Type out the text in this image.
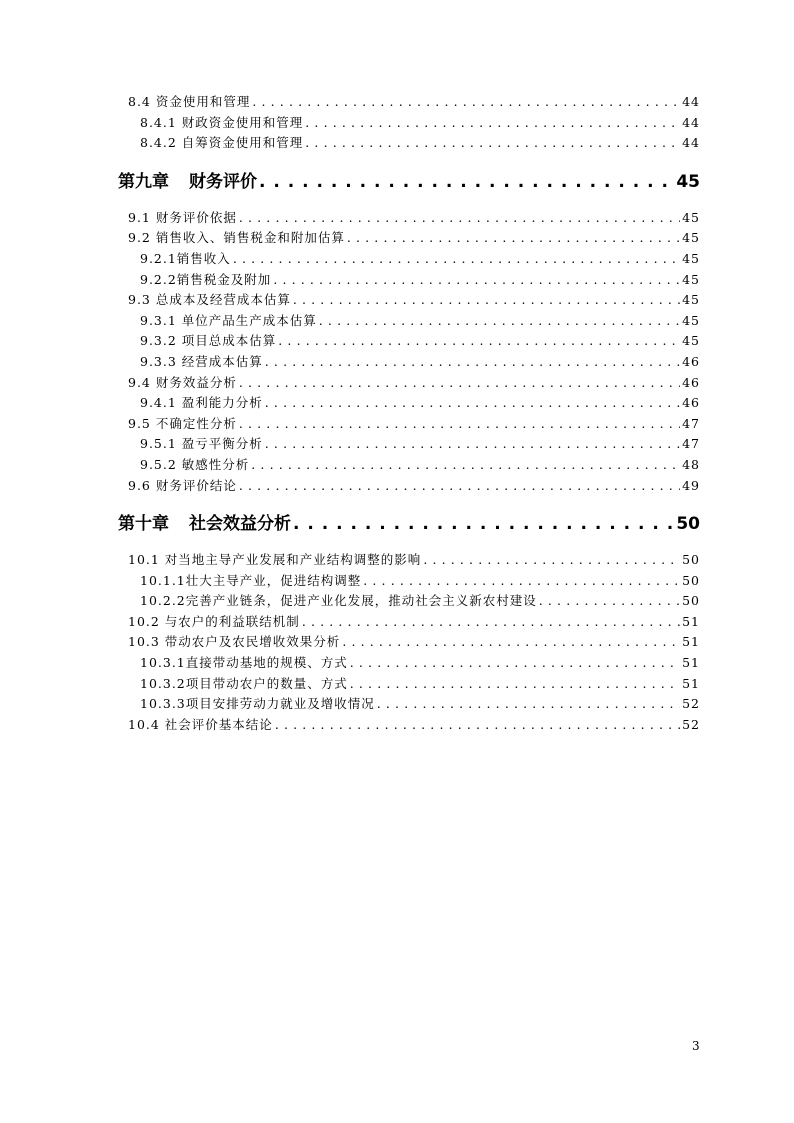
8.4 资金使用和管理 . . .	44
8.4.1 财政资金使用和管理 . . .	44
8.4.2 自筹资金使用和管理 . . .	44
第九章 财务评价 . . .	45
9.1 财务评价依据 . . .	45
9.2 销售收入、销售税金和附加估算 . . .	45
9.2.1销售收入 . . .	45
9.2.2销售税金及附加 . . .	45
9.3 总成本及经营成本估算 . . .	45
9.3.1 单位产品生产成本估算 . . .	45
9.3.2 项目总成本估算 . . .	45
9.3.3 经营成本估算 . . .	46
9.4 财务效益分析 . . .	46
9.4.1 盈利能力分析 . . .	46
9.5 不确定性分析 . . .	47
9.5.1 盈亏平衡分析 . . .	47
9.5.2 敏感性分析 . . .	48
9.6 财务评价结论 . . .	49
第十章 社会效益分析 . . .	50
10.1 对当地主导产业发展和产业结构调整的影响 . . .	50
10.1.1壮大主导产业，促进结构调整 . . .	50
10.2.2完善产业链条，促进产业化发展，推动社会主义新农村建设 . . .	50
10.2 与农户的利益联结机制 . . .	51
10.3 带动农户及农民增收效果分析 . . .	51
10.3.1直接带动基地的规模、方式 . . .	51
10.3.2项目带动农户的数量、方式 . . .	51
10.3.3项目安排劳动力就业及增收情况 . . .	52
10.4 社会评价基本结论 . . .	52
3
